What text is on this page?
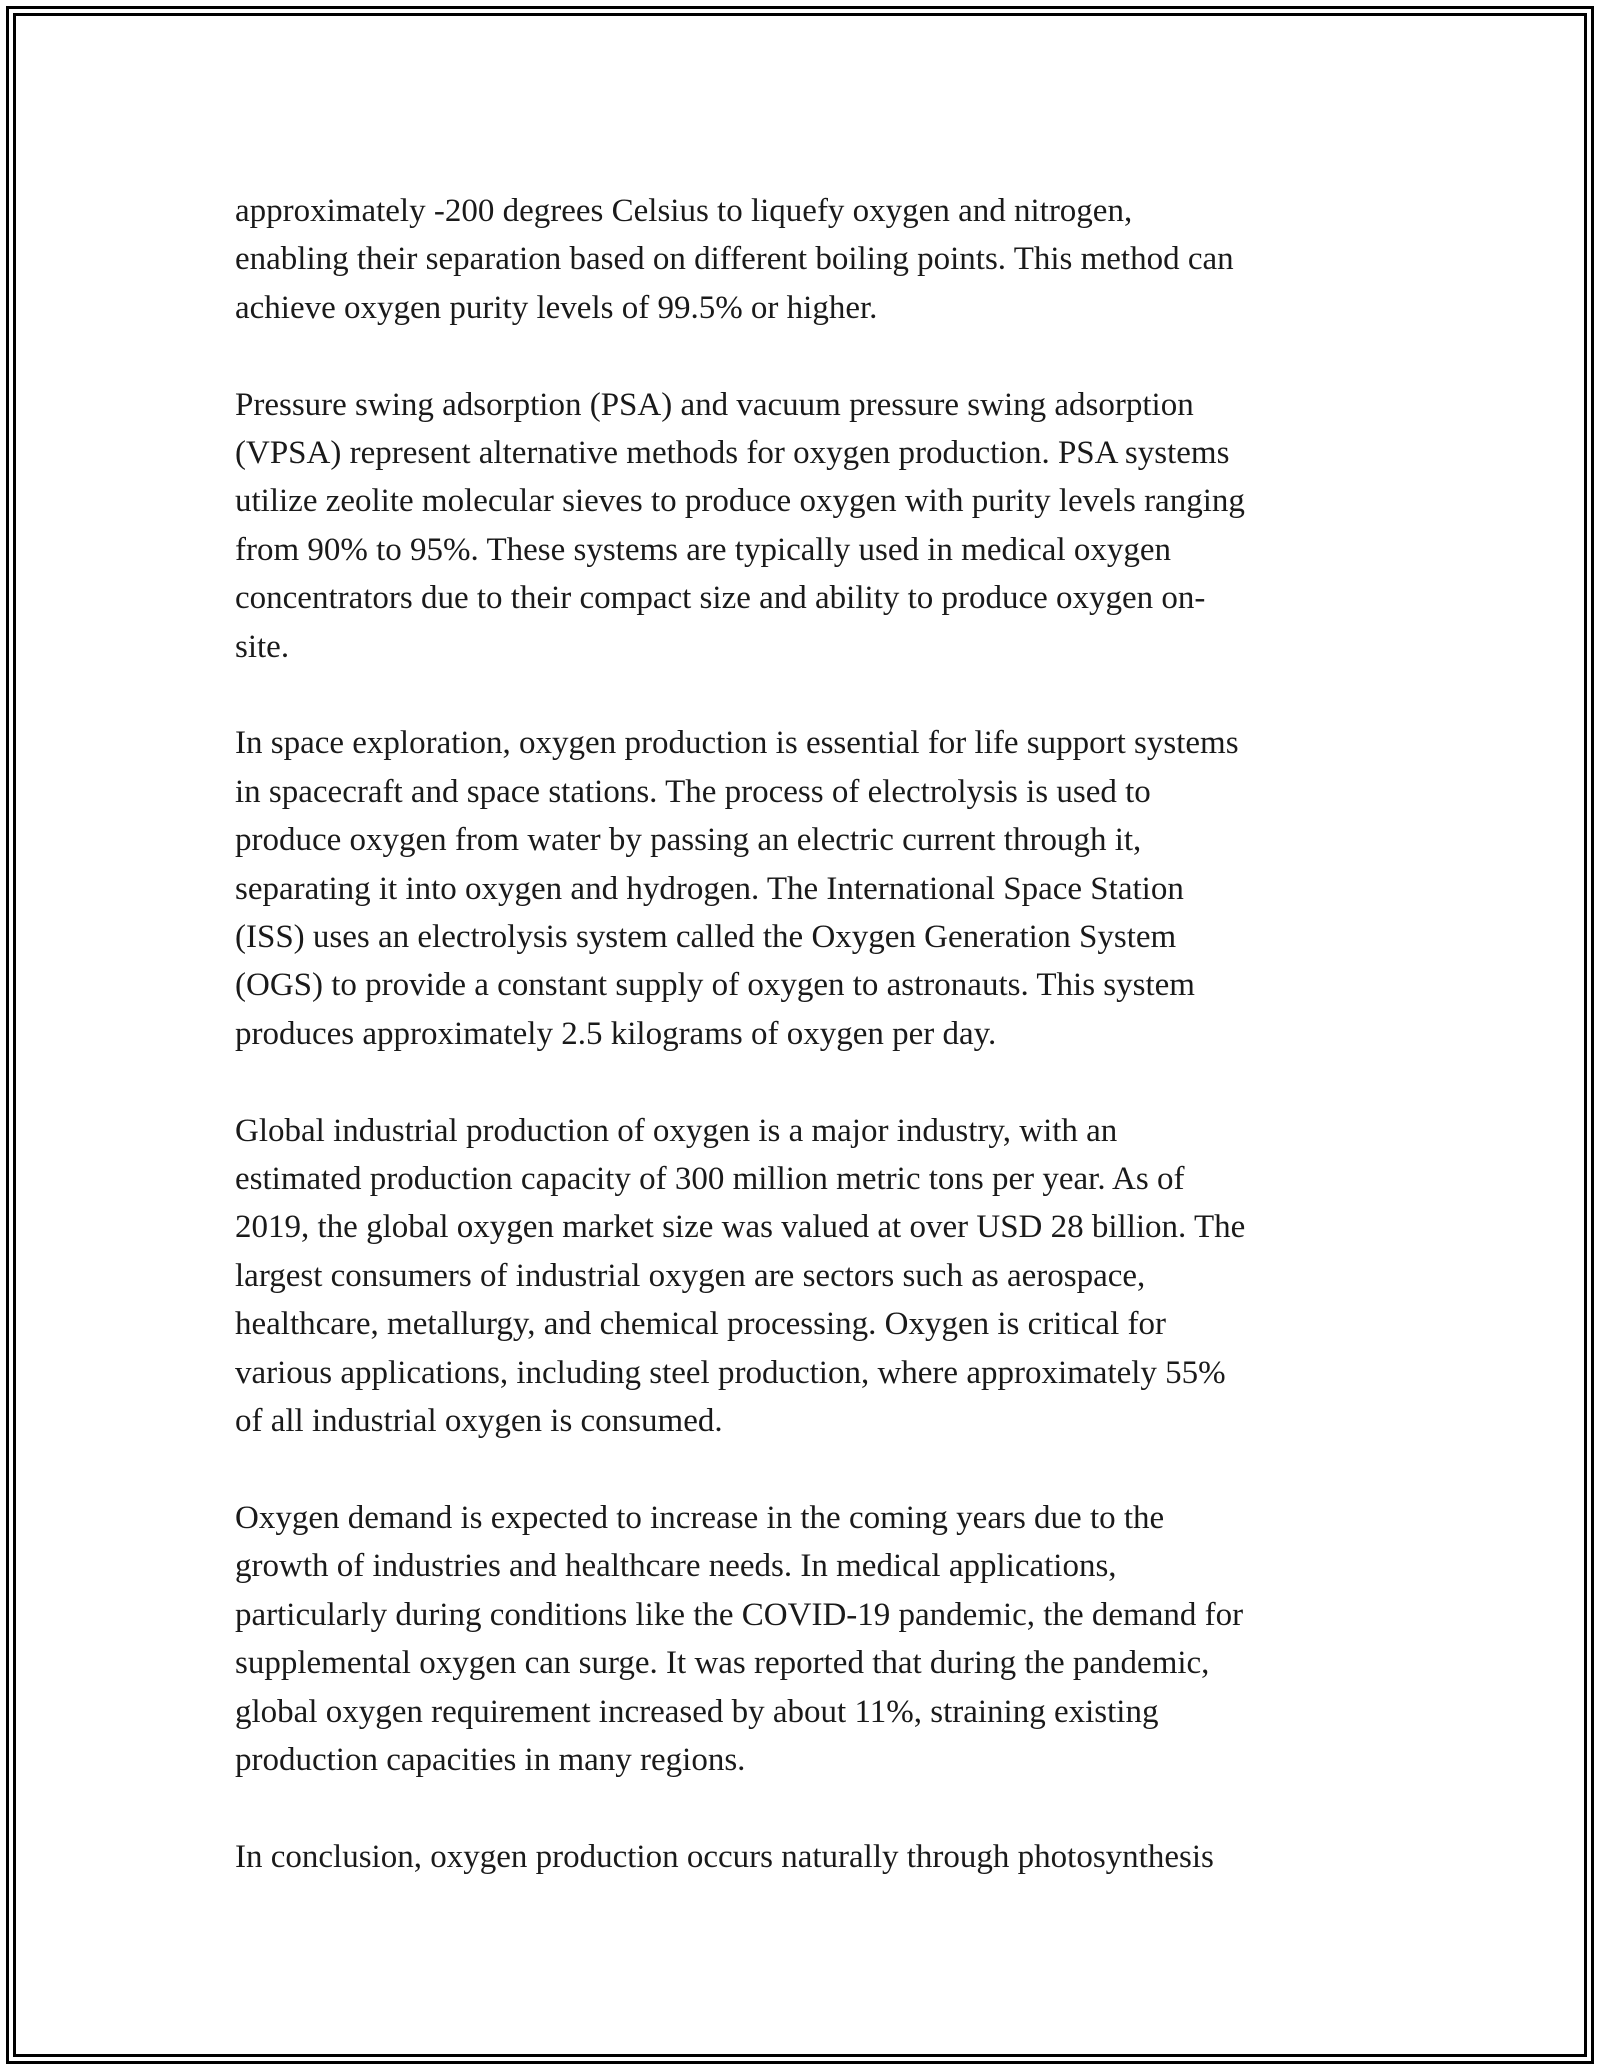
approximately -200 degrees Celsius to liquefy oxygen and nitrogen,
enabling their separation based on different boiling points. This method can
achieve oxygen purity levels of 99.5% or higher.

Pressure swing adsorption (PSA) and vacuum pressure swing adsorption
(VPSA) represent alternative methods for oxygen production. PSA systems
utilize zeolite molecular sieves to produce oxygen with purity levels ranging
from 90% to 95%. These systems are typically used in medical oxygen
concentrators due to their compact size and ability to produce oxygen on-
site.

In space exploration, oxygen production is essential for life support systems
in spacecraft and space stations. The process of electrolysis is used to
produce oxygen from water by passing an electric current through it,
separating it into oxygen and hydrogen. The International Space Station
(ISS) uses an electrolysis system called the Oxygen Generation System
(OGS) to provide a constant supply of oxygen to astronauts. This system
produces approximately 2.5 kilograms of oxygen per day.

Global industrial production of oxygen is a major industry, with an
estimated production capacity of 300 million metric tons per year. As of
2019, the global oxygen market size was valued at over USD 28 billion. The
largest consumers of industrial oxygen are sectors such as aerospace,
healthcare, metallurgy, and chemical processing. Oxygen is critical for
various applications, including steel production, where approximately 55%
of all industrial oxygen is consumed.

Oxygen demand is expected to increase in the coming years due to the
growth of industries and healthcare needs. In medical applications,
particularly during conditions like the COVID-19 pandemic, the demand for
supplemental oxygen can surge. It was reported that during the pandemic,
global oxygen requirement increased by about 11%, straining existing
production capacities in many regions.

In conclusion, oxygen production occurs naturally through photosynthesis
